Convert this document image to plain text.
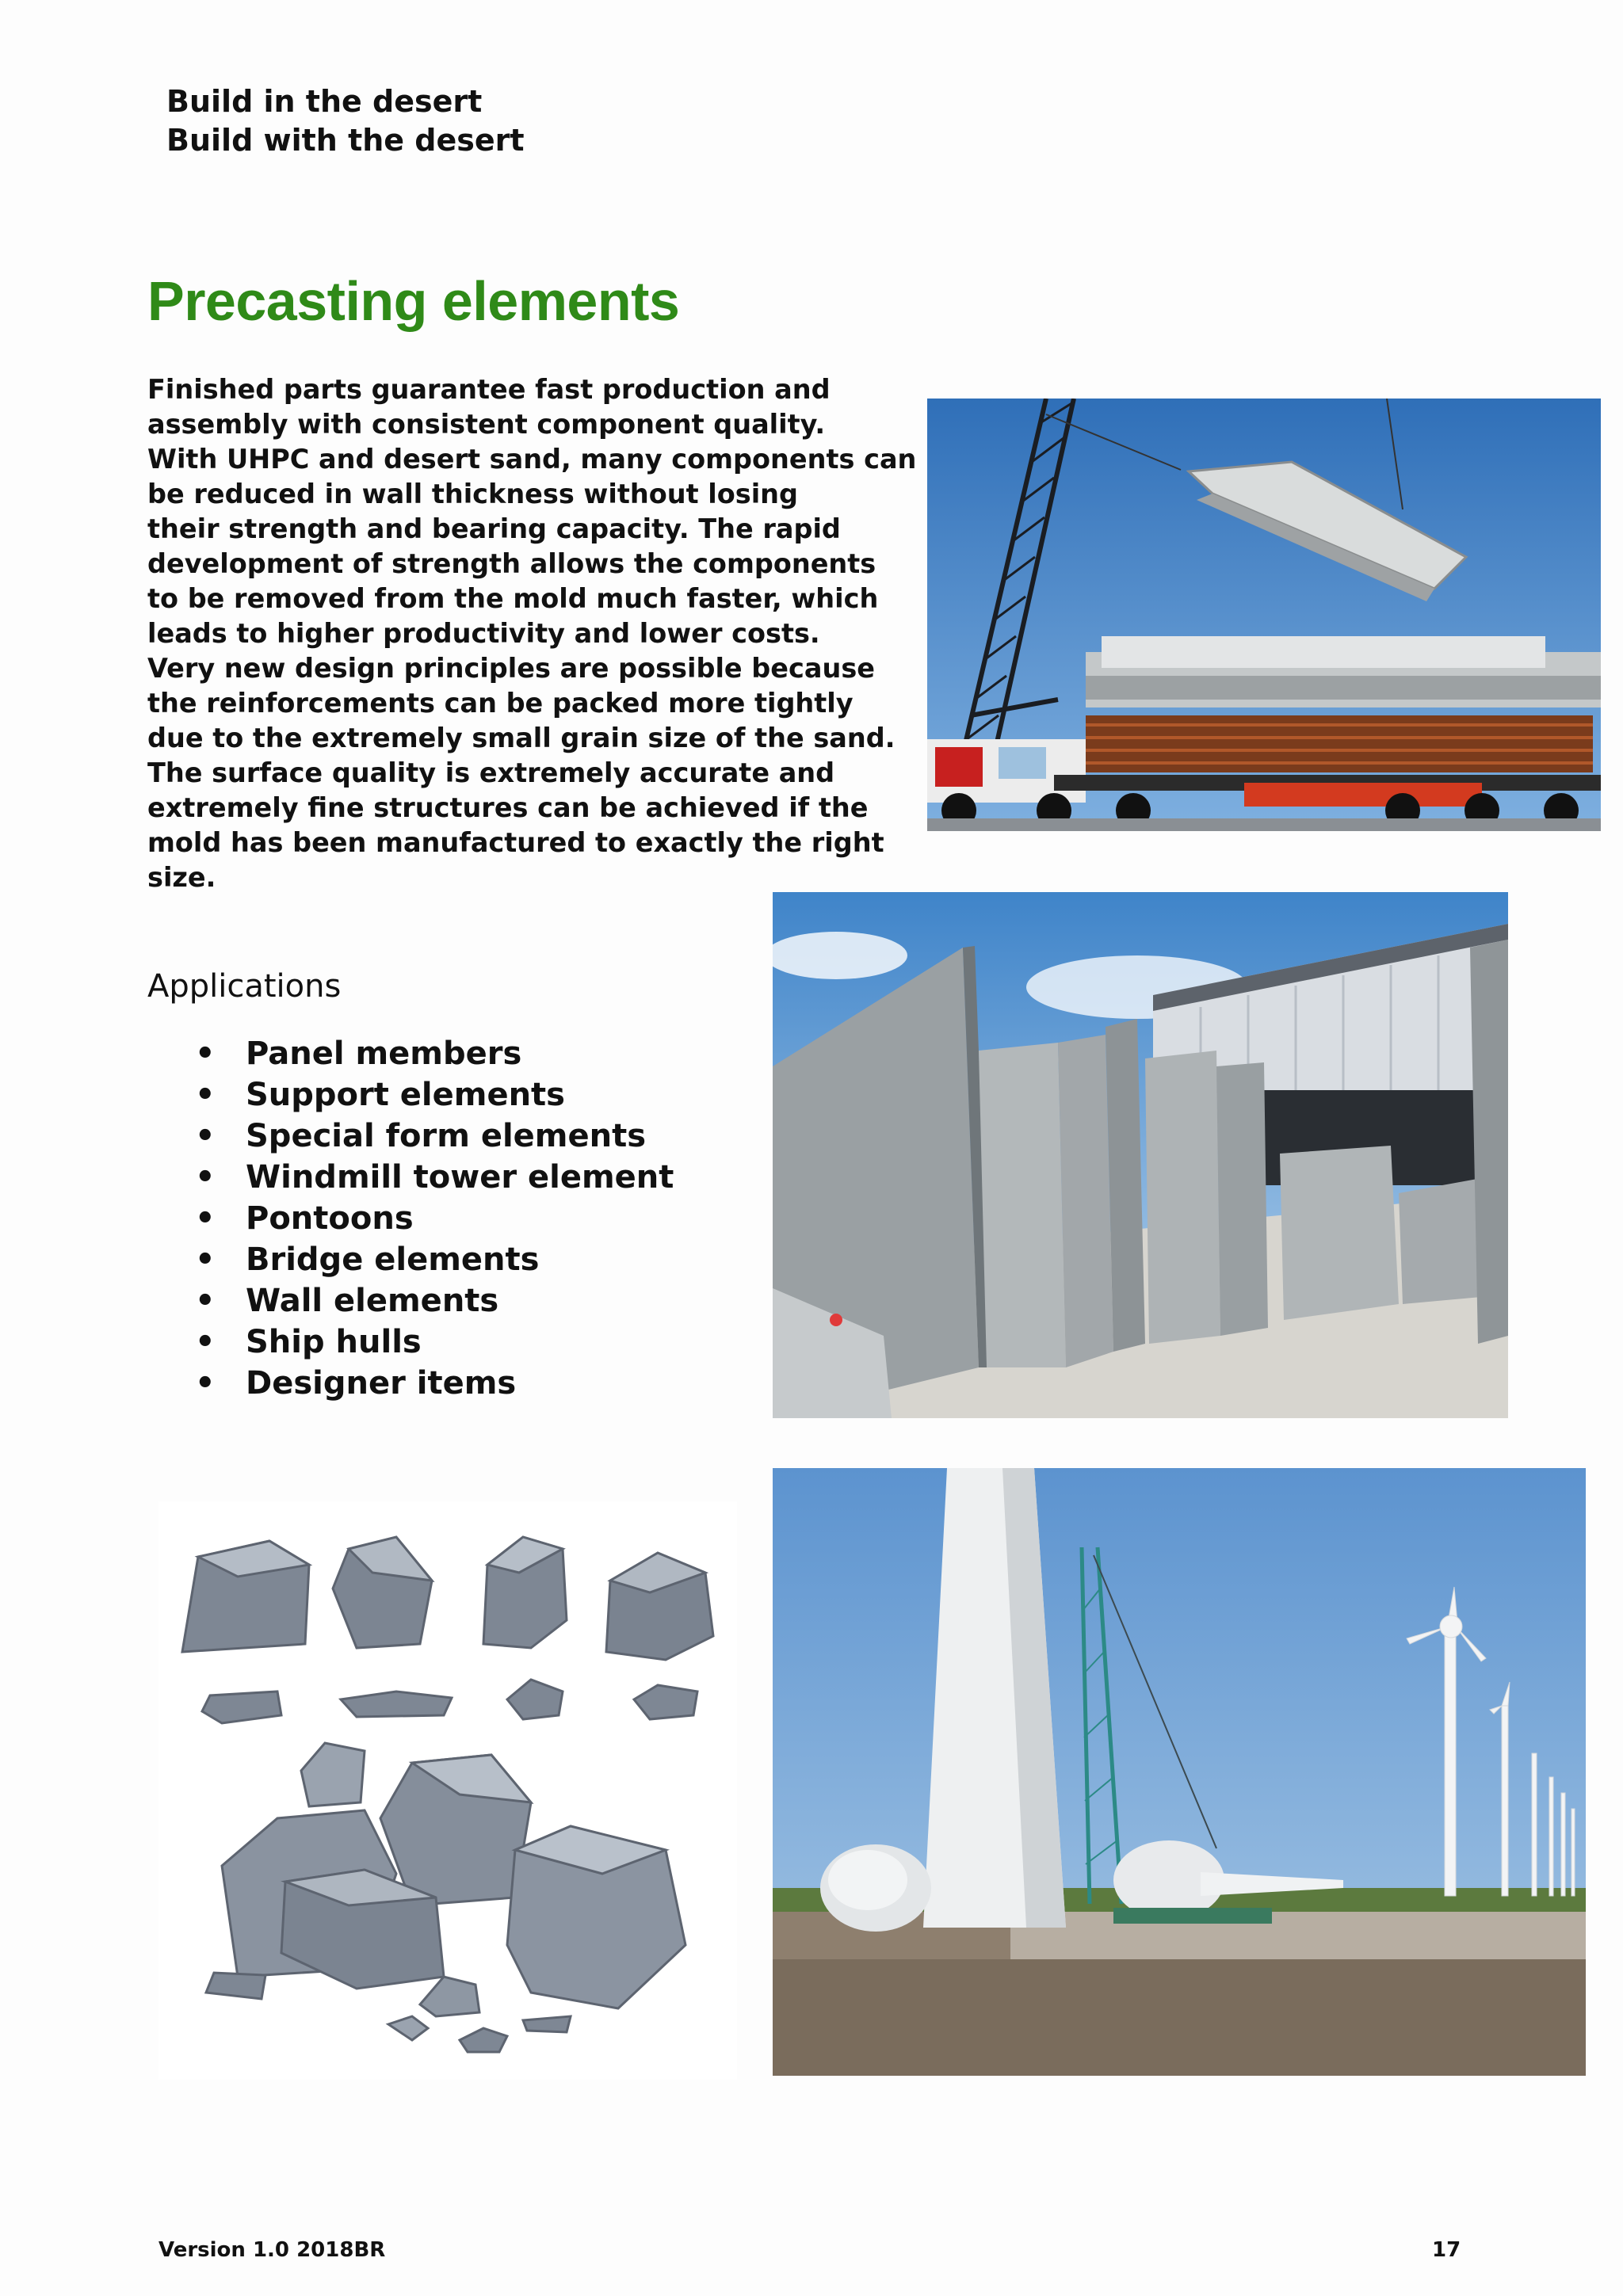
Build in the desert
Build with the desert
Precasting elements
Finished parts guarantee fast production and
assembly with consistent component quality.
With UHPC and desert sand, many components can
be reduced in wall thickness without losing
their strength and bearing capacity. The rapid
development of strength allows the components
to be removed from the mold much faster, which
leads to higher productivity and lower costs.
Very new design principles are possible because
the reinforcements can be packed more tightly
due to the extremely small grain size of the sand.
The surface quality is extremely accurate and
extremely fine structures can be achieved if the
mold has been manufactured to exactly the right
size.
Applications
• Panel members
• Support elements
• Special form elements
• Windmill tower element
• Pontoons
• Bridge elements
• Wall elements
• Ship hulls
• Designer items
Version 1.0 2018BR	17
